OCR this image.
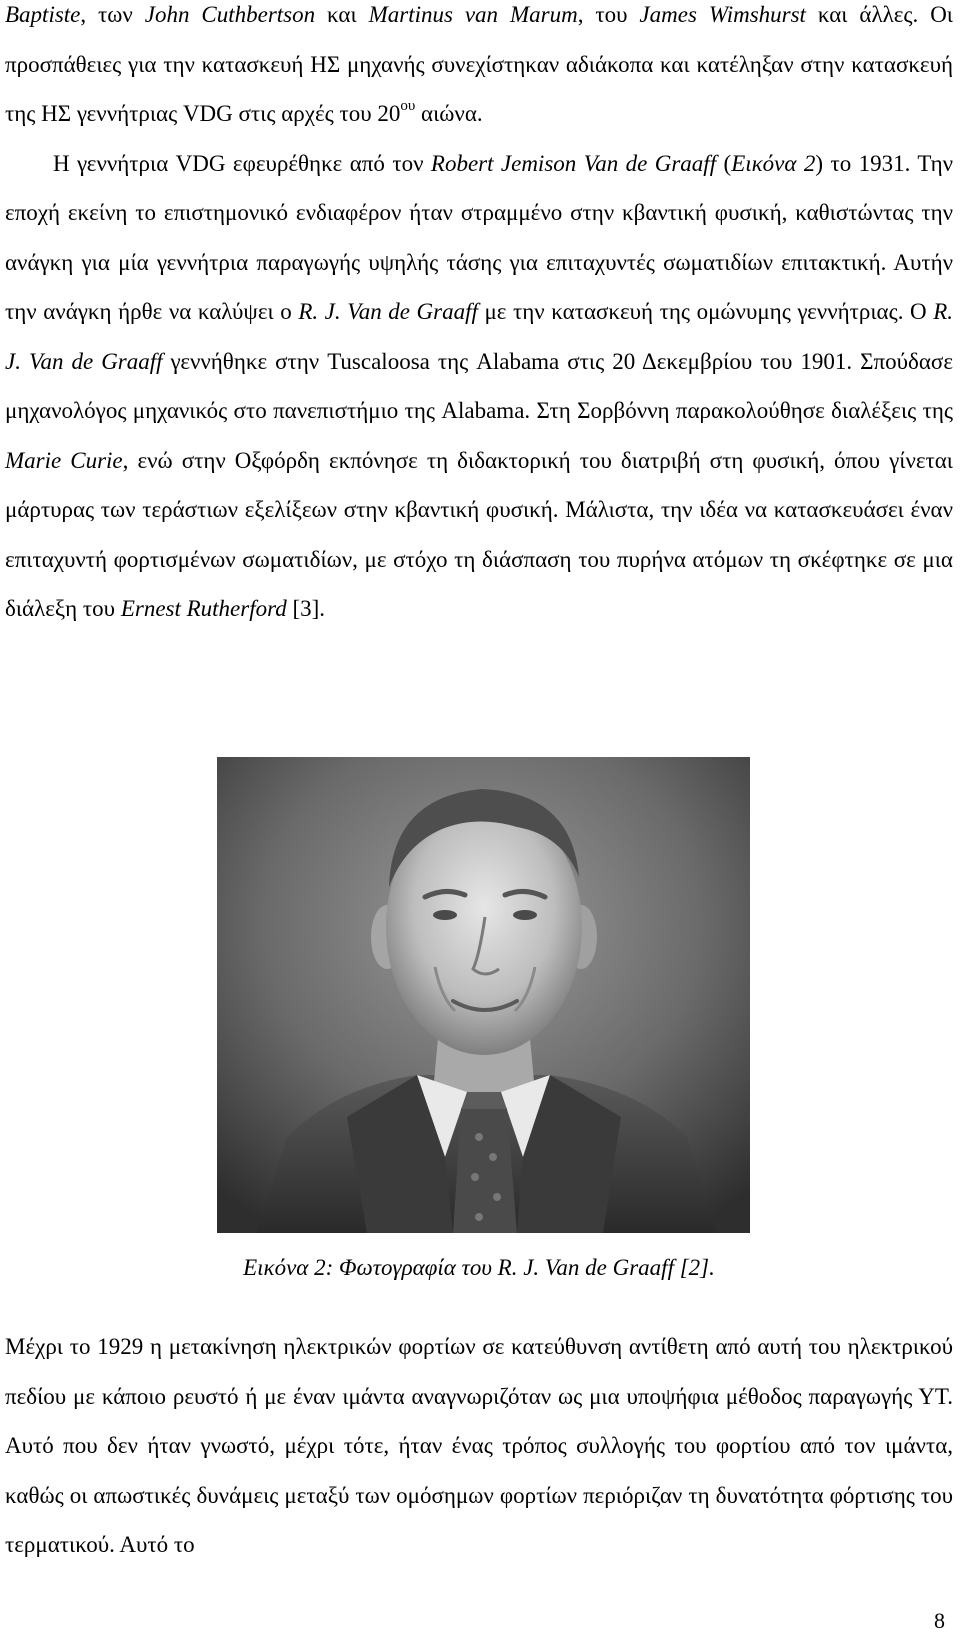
Baptiste, των John Cuthbertson και Martinus van Marum, του James Wimshurst και άλλες. Οι προσπάθειες για την κατασκευή ΗΣ μηχανής συνεχίστηκαν αδιάκοπα και κατέληξαν στην κατασκευή της ΗΣ γεννήτριας VDG στις αρχές του $20^{o\upsilon}$ αιώνα.

Η γεννήτρια VDG εφευρέθηκε από τον Robert Jemison Van de Graaff (Εικόνα 2) το 1931. Την εποχή εκείνη το επιστημονικό ενδιαφέρον ήταν στραμμένο στην κβαντική φυσική, καθιστώντας την ανάγκη για μία γεννήτρια παραγωγής υψηλής τάσης για επιταχυντές σωματιδίων επιτακτική. Αυτήν την ανάγκη ήρθε να καλύψει ο R. J. Van de Graaff με την κατασκευή της ομώνυμης γεννήτριας. Ο R. J. Van de Graaff γεννήθηκε στην Tuscaloosa της Alabama στις 20 Δεκεμβρίου του 1901. Σπούδασε μηχανολόγος μηχανικός στο πανεπιστήμιο της Alabama. Στη Σορβόννη παρακολούθησε διαλέξεις της Marie Curie, ενώ στην Οξφόρδη εκπόνησε τη διδακτορική του διατριβή στη φυσική, όπου γίνεται μάρτυρας των τεράστιων εξελίξεων στην κβαντική φυσική. Μάλιστα, την ιδέα να κατασκευάσει έναν επιταχυντή φορτισμένων σωματιδίων, με στόχο τη διάσπαση του πυρήνα ατόμων τη σκέφτηκε σε μια διάλεξη του Ernest Rutherford [3].

Εικόνα 2: Φωτογραφία του R. J. Van de Graaff [2].

Μέχρι το 1929 η μετακίνηση ηλεκτρικών φορτίων σε κατεύθυνση αντίθετη από αυτή του ηλεκτρικού πεδίου με κάποιο ρευστό ή με έναν ιμάντα αναγνωριζόταν ως μια υποψήφια μέθοδος παραγωγής ΥΤ. Αυτό που δεν ήταν γνωστό, μέχρι τότε, ήταν ένας τρόπος συλλογής του φορτίου από τον ιμάντα, καθώς οι απωστικές δυνάμεις μεταξύ των ομόσημων φορτίων περιόριζαν τη δυνατότητα φόρτισης του τερματικού. Αυτό το

8
